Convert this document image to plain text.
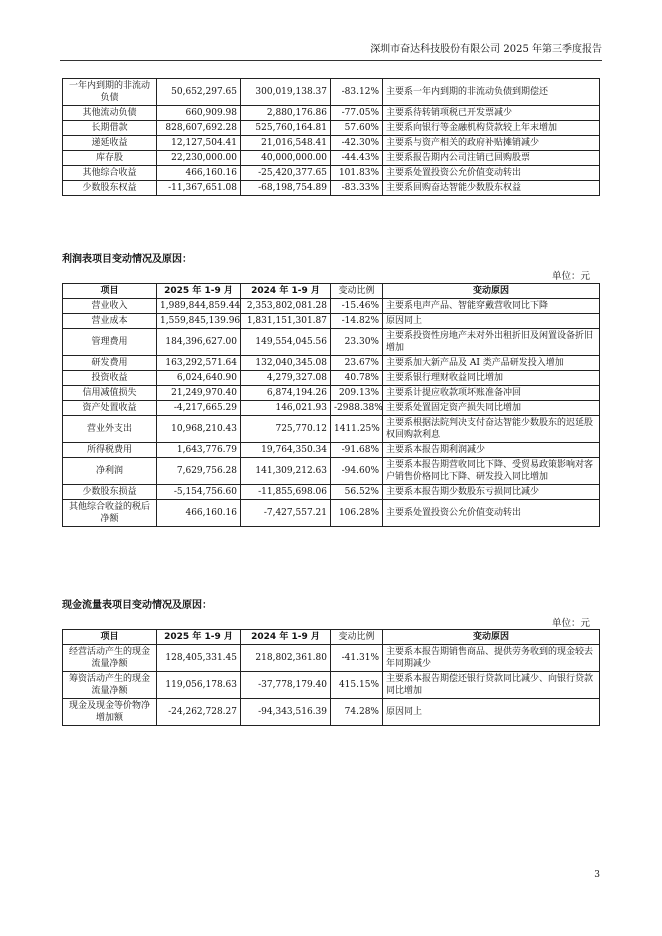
深圳市奋达科技股份有限公司 2025 年第三季度报告
一年内到期的非流动负债	50,652,297.65	300,019,138.37	-83.12%	主要系一年内到期的非流动负债到期偿还
其他流动负债	660,909.98	2,880,176.86	-77.05%	主要系待转销项税已开发票减少
长期借款	828,607,692.28	525,760,164.81	57.60%	主要系向银行等金融机构贷款较上年末增加
递延收益	12,127,504.41	21,016,548.41	-42.30%	主要系与资产相关的政府补贴摊销减少
库存股	22,230,000.00	40,000,000.00	-44.43%	主要系报告期内公司注销已回购股票
其他综合收益	466,160.16	-25,420,377.65	101.83%	主要系处置投资公允价值变动转出
少数股东权益	-11,367,651.08	-68,198,754.89	-83.33%	主要系回购奋达智能少数股东权益
利润表项目变动情况及原因：
单位：元
项目	2025 年 1-9 月	2024 年 1-9 月	变动比例	变动原因
营业收入	1,989,844,859.44	2,353,802,081.28	-15.46%	主要系电声产品、智能穿戴营收同比下降
营业成本	1,559,845,139.96	1,831,151,301.87	-14.82%	原因同上
管理费用	184,396,627.00	149,554,045.56	23.30%	主要系投资性房地产未对外出租折旧及闲置设备折旧增加
研发费用	163,292,571.64	132,040,345.08	23.67%	主要系加大新产品及 AI 类产品研发投入增加
投资收益	6,024,640.90	4,279,327.08	40.78%	主要系银行理财收益同比增加
信用减值损失	21,249,970.40	6,874,194.26	209.13%	主要系计提应收款项坏账准备冲回
资产处置收益	-4,217,665.29	146,021.93	-2988.38%	主要系处置固定资产损失同比增加
营业外支出	10,968,210.43	725,770.12	1411.25%	主要系根据法院判决支付奋达智能少数股东的迟延股权回购款利息
所得税费用	1,643,776.79	19,764,350.34	-91.68%	主要系本报告期利润减少
净利润	7,629,756.28	141,309,212.63	-94.60%	主要系本报告期营收同比下降、受贸易政策影响对客户销售价格同比下降、研发投入同比增加
少数股东损益	-5,154,756.60	-11,855,698.06	56.52%	主要系本报告期少数股东亏损同比减少
其他综合收益的税后净额	466,160.16	-7,427,557.21	106.28%	主要系处置投资公允价值变动转出
现金流量表项目变动情况及原因：
单位：元
项目	2025 年 1-9 月	2024 年 1-9 月	变动比例	变动原因
经营活动产生的现金流量净额	128,405,331.45	218,802,361.80	-41.31%	主要系本报告期销售商品、提供劳务收到的现金较去年同期减少
筹资活动产生的现金流量净额	119,056,178.63	-37,778,179.40	415.15%	主要系本报告期偿还银行贷款同比减少、向银行贷款同比增加
现金及现金等价物净增加额	-24,262,728.27	-94,343,516.39	74.28%	原因同上
3
